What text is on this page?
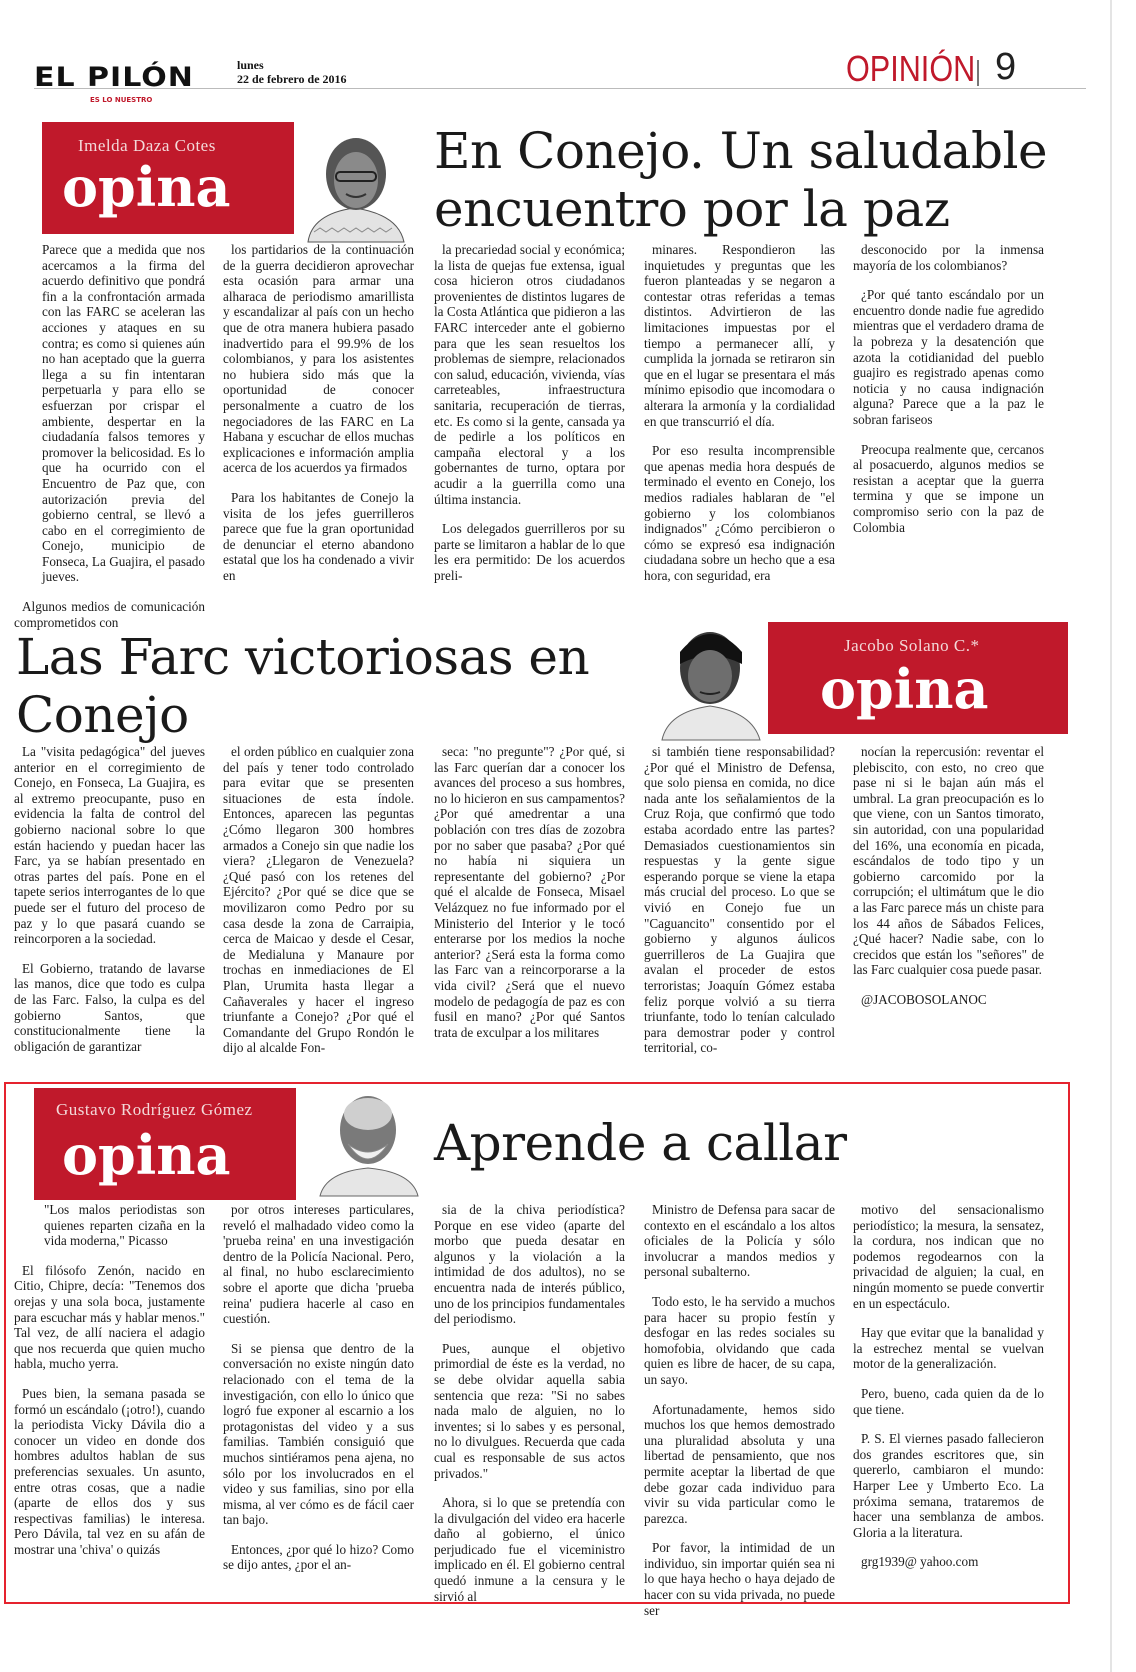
EL PILÓN
ES LO NUESTRO
lunes
22 de febrero de 2016	OPINIÓN 9
Imelda Daza Cotes
opina
En Conejo. Un saludable encuentro por la paz

Parece que a medida que nos acercamos a la firma del acuerdo definitivo que pondrá fin a la confrontación armada con las FARC se aceleran las acciones y ataques en su contra; es como si quienes aún no han aceptado que la guerra llega a su fin intentaran perpetuarla y para ello se esfuerzan por crispar el ambiente, despertar en la ciudadanía falsos temores y promover la belicosidad. Es lo que ha ocurrido con el Encuentro de Paz que, con autorización previa del gobierno central, se llevó a cabo en el corregimiento de Conejo, municipio de Fonseca, La Guajira, el pasado jueves.

Algunos medios de comunicación comprometidos con

los partidarios de la continuación de la guerra decidieron aprovechar esta ocasión para armar una alharaca de periodismo amarillista y escandalizar al país con un hecho que de otra manera hubiera pasado inadvertido para el 99.9% de los colombianos, y para los asistentes no hubiera sido más que la oportunidad de conocer personalmente a cuatro de los negociadores de las FARC en La Habana y escuchar de ellos muchas explicaciones e información amplia acerca de los acuerdos ya firmados

Para los habitantes de Conejo la visita de los jefes guerrilleros parece que fue la gran oportunidad de denunciar el eterno abandono estatal que los ha condenado a vivir en

la precariedad social y económica; la lista de quejas fue extensa, igual cosa hicieron otros ciudadanos provenientes de distintos lugares de la Costa Atlántica que pidieron a las FARC interceder ante el gobierno para que les sean resueltos los problemas de siempre, relacionados con salud, educación, vivienda, vías carreteables, infraestructura sanitaria, recuperación de tierras, etc. Es como si la gente, cansada ya de pedirle a los políticos en campaña electoral y a los gobernantes de turno, optara por acudir a la guerrilla como una última instancia.

Los delegados guerrilleros por su parte se limitaron a hablar de lo que les era permitido: De los acuerdos preli-

minares. Respondieron las inquietudes y preguntas que les fueron planteadas y se negaron a contestar otras referidas a temas distintos. Advirtieron de las limitaciones impuestas por el tiempo a permanecer allí, y cumplida la jornada se retiraron sin que en el lugar se presentara el más mínimo episodio que incomodara o alterara la armonía y la cordialidad en que transcurrió el día.

Por eso resulta incomprensible que apenas media hora después de terminado el evento en Conejo, los medios radiales hablaran de "el gobierno y los colombianos indignados" ¿Cómo percibieron o cómo se expresó esa indignación ciudadana sobre un hecho que a esa hora, con seguridad, era

desconocido por la inmensa mayoría de los colombianos?

¿Por qué tanto escándalo por un encuentro donde nadie fue agredido mientras que el verdadero drama de la pobreza y la desatención que azota la cotidianidad del pueblo guajiro es registrado apenas como noticia y no causa indignación alguna? Parece que a la paz le sobran fariseos

Preocupa realmente que, cercanos al posacuerdo, algunos medios se resistan a aceptar que la guerra termina y que se impone un compromiso serio con la paz de Colombia

Las Farc victoriosas en Conejo
Jacobo Solano C.*
opina

La "visita pedagógica" del jueves anterior en el corregimiento de Conejo, en Fonseca, La Guajira, es al extremo preocupante, puso en evidencia la falta de control del gobierno nacional sobre lo que están haciendo y puedan hacer las Farc, ya se habían presentado en otras partes del país. Pone en el tapete serios interrogantes de lo que puede ser el futuro del proceso de paz y lo que pasará cuando se reincorporen a la sociedad.

El Gobierno, tratando de lavarse las manos, dice que todo es culpa de las Farc. Falso, la culpa es del gobierno Santos, que constitucionalmente tiene la obligación de garantizar

el orden público en cualquier zona del país y tener todo controlado para evitar que se presenten situaciones de esta índole. Entonces, aparecen las peguntas ¿Cómo llegaron 300 hombres armados a Conejo sin que nadie los viera? ¿Llegaron de Venezuela? ¿Qué pasó con los retenes del Ejército? ¿Por qué se dice que se movilizaron como Pedro por su casa desde la zona de Carraipia, cerca de Maicao y desde el Cesar, de Medialuna y Manaure por trochas en inmediaciones de El Plan, Urumita hasta llegar a Cañaverales y hacer el ingreso triunfante a Conejo? ¿Por qué el Comandante del Grupo Rondón le dijo al alcalde Fon-

seca: "no pregunte"? ¿Por qué, si las Farc querían dar a conocer los avances del proceso a sus hombres, no lo hicieron en sus campamentos? ¿Por qué amedrentar a una población con tres días de zozobra por no saber que pasaba? ¿Por qué no había ni siquiera un representante del gobierno? ¿Por qué el alcalde de Fonseca, Misael Velázquez no fue informado por el Ministerio del Interior y le tocó enterarse por los medios la noche anterior? ¿Será esta la forma como las Farc van a reincorporarse a la vida civil? ¿Será que el nuevo modelo de pedagogía de paz es con fusil en mano? ¿Por qué Santos trata de exculpar a los militares

si también tiene responsabilidad? ¿Por qué el Ministro de Defensa, que solo piensa en comida, no dice nada ante los señalamientos de la Cruz Roja, que confirmó que todo estaba acordado entre las partes? Demasiados cuestionamientos sin respuestas y la gente sigue esperando porque se viene la etapa más crucial del proceso. Lo que se vivió en Conejo fue un "Caguancito" consentido por el gobierno y algunos áulicos guerrilleros de La Guajira que avalan el proceder de estos terroristas; Joaquín Gómez estaba feliz porque volvió a su tierra triunfante, todo lo tenían calculado para demostrar poder y control territorial, co-

nocían la repercusión: reventar el plebiscito, con esto, no creo que pase ni si le bajan aún más el umbral. La gran preocupación es lo que viene, con un Santos timorato, sin autoridad, con una popularidad del 16%, una economía en picada, escándalos de todo tipo y un gobierno carcomido por la corrupción; el ultimátum que le dio a las Farc parece más un chiste para los 44 años de Sábados Felices, ¿Qué hacer? Nadie sabe, con lo crecidos que están los "señores" de las Farc cualquier cosa puede pasar.

@JACOBOSOLANOC

Gustavo Rodríguez Gómez
opina	Aprende a callar

"Los malos periodistas son quienes reparten cizaña en la vida moderna," Picasso

El filósofo Zenón, nacido en Citio, Chipre, decía: "Tenemos dos orejas y una sola boca, justamente para escuchar más y hablar menos." Tal vez, de allí naciera el adagio que nos recuerda que quien mucho habla, mucho yerra.

Pues bien, la semana pasada se formó un escándalo (¡otro!), cuando la periodista Vicky Dávila dio a conocer un video en donde dos hombres adultos hablan de sus preferencias sexuales. Un asunto, entre otras cosas, que a nadie (aparte de ellos dos y sus respectivas familias) le interesa. Pero Dávila, tal vez en su afán de mostrar una 'chiva' o quizás

por otros intereses particulares, reveló el malhadado video como la 'prueba reina' en una investigación dentro de la Policía Nacional. Pero, al final, no hubo esclarecimiento sobre el aporte que dicha 'prueba reina' pudiera hacerle al caso en cuestión.

Si se piensa que dentro de la conversación no existe ningún dato relacionado con el tema de la investigación, con ello lo único que logró fue exponer al escarnio a los protagonistas del video y a sus familias. También consiguió que muchos sintiéramos pena ajena, no sólo por los involucrados en el video y sus familias, sino por ella misma, al ver cómo es de fácil caer tan bajo.

Entonces, ¿por qué lo hizo? Como se dijo antes, ¿por el an-

sia de la chiva periodística? Porque en ese video (aparte del morbo que pueda desatar en algunos y la violación a la intimidad de dos adultos), no se encuentra nada de interés público, uno de los principios fundamentales del periodismo.

Pues, aunque el objetivo primordial de éste es la verdad, no se debe olvidar aquella sabia sentencia que reza: "Si no sabes nada malo de alguien, no lo inventes; si lo sabes y es personal, no lo divulgues. Recuerda que cada cual es responsable de sus actos privados."

Ahora, si lo que se pretendía con la divulgación del video era hacerle daño al gobierno, el único perjudicado fue el viceministro implicado en él. El gobierno central quedó inmune a la censura y le sirvió al

Ministro de Defensa para sacar de contexto en el escándalo a los altos oficiales de la Policía y sólo involucrar a mandos medios y personal subalterno.

Todo esto, le ha servido a muchos para hacer su propio festín y desfogar en las redes sociales su homofobia, olvidando que cada quien es libre de hacer, de su capa, un sayo.

Afortunadamente, hemos sido muchos los que hemos demostrado una pluralidad absoluta y una libertad de pensamiento, que nos permite aceptar la libertad de que debe gozar cada individuo para vivir su vida particular como le parezca.

Por favor, la intimidad de un individuo, sin importar quién sea ni lo que haya hecho o haya dejado de hacer con su vida privada, no puede ser

motivo del sensacionalismo periodístico; la mesura, la sensatez, la cordura, nos indican que no podemos regodearnos con la privacidad de alguien; la cual, en ningún momento se puede convertir en un espectáculo.

Hay que evitar que la banalidad y la estrechez mental se vuelvan motor de la generalización.

Pero, bueno, cada quien da de lo que tiene.

P. S. El viernes pasado fallecieron dos grandes escritores que, sin quererlo, cambiaron el mundo: Harper Lee y Umberto Eco. La próxima semana, trataremos de hacer una semblanza de ambos. Gloria a la literatura.

grg1939@ yahoo.com
